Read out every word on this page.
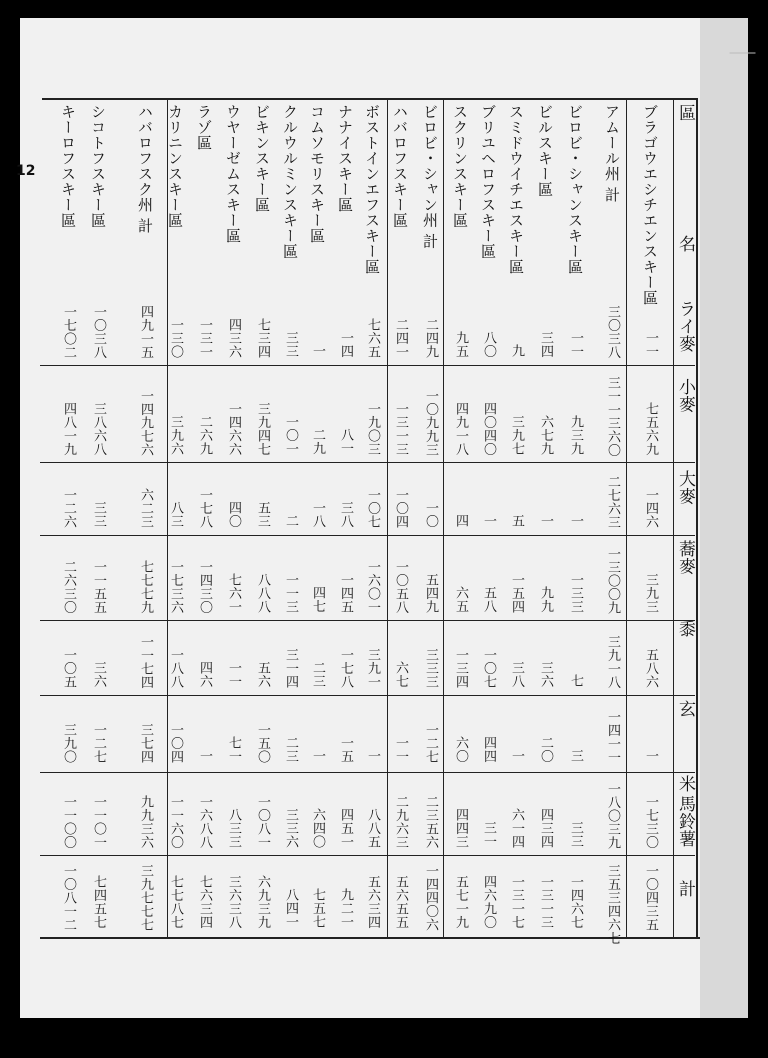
｜
12
名
ライ麥
小麥
大麥
蕎麥
黍
玄
米
馬鈴薯
計
區
ブラゴウエシチエンスキー區
一一
七五六九
一四六
三九三
五八六
一
一七三〇
一〇四三五
アムール州 計
三〇三八
三一一三六〇
二七六三
一三〇〇九
三九一八
一四一一
一八〇三九
三五三四六七
ビロビ・シャンスキー區
一一
九三九
一
一三三
七
三
三三
一四六七
ビルスキー區
三四
六七九
一
九九
三六
二〇
四三四
一三一三
スミドウイチエスキー區
九
三九七
五
一五四
三八
一
六一四
一三一七
ブリユヘロフスキー區
八〇
四〇四〇
一
五八
一〇七
四四
三一
四六九〇
スクリンスキー區
九五
四九一八
四
六五
一三四
六〇
四四三
五七一九
ビロビ・シャン州 計
二四九
一〇九九三
一〇
五四九
三三三
一二七
二三五六
一四四〇六
ハバロフスキー區
二四一
一三一三
一〇四
一〇五八
六七
一一
二九六三
五六五五
ボストインエフスキー區
七六五
一九〇三
一〇七
一六〇一
三九一
一
八八五
五六三四
ナナイスキー區
一四
八一
三八
一四五
一七八
一五
四五一
九二一
コムソモリスキー區
一
二九
一八
四七
二三
一
六四〇
七五七
クルウルミンスキー區
三三
一〇一
二
一一三
三一四
二三
三三六
八四一
ビキンスキー區
七三四
三九四七
五三
八八八
五六
一五〇
一〇八一
六九三九
ウヤーゼムスキー區
四三六
一四六六
四〇
七六一
一一
七一
八三三
三六三八
ラゾ區
一三一
二六九
一七八
一四三〇
四六
一
一六八八
七六三四
カリニンスキー區
一三〇
三九六
八三
一七三六
一八八
一〇四
一一六〇
七七八七
ハバロフスク州 計
四九一五
一四九七六
六二三
七七七九
一一七四
三七四
九九三六
三九七七七
シコトフスキー區
一〇三八
三八六八
三三
一一五五
三六
一二七
一一〇一
七四五七
キーロフスキー區
一七〇二
四八一九
一二六
二六三〇
一〇五
三九〇
一一〇〇
一〇八一二
